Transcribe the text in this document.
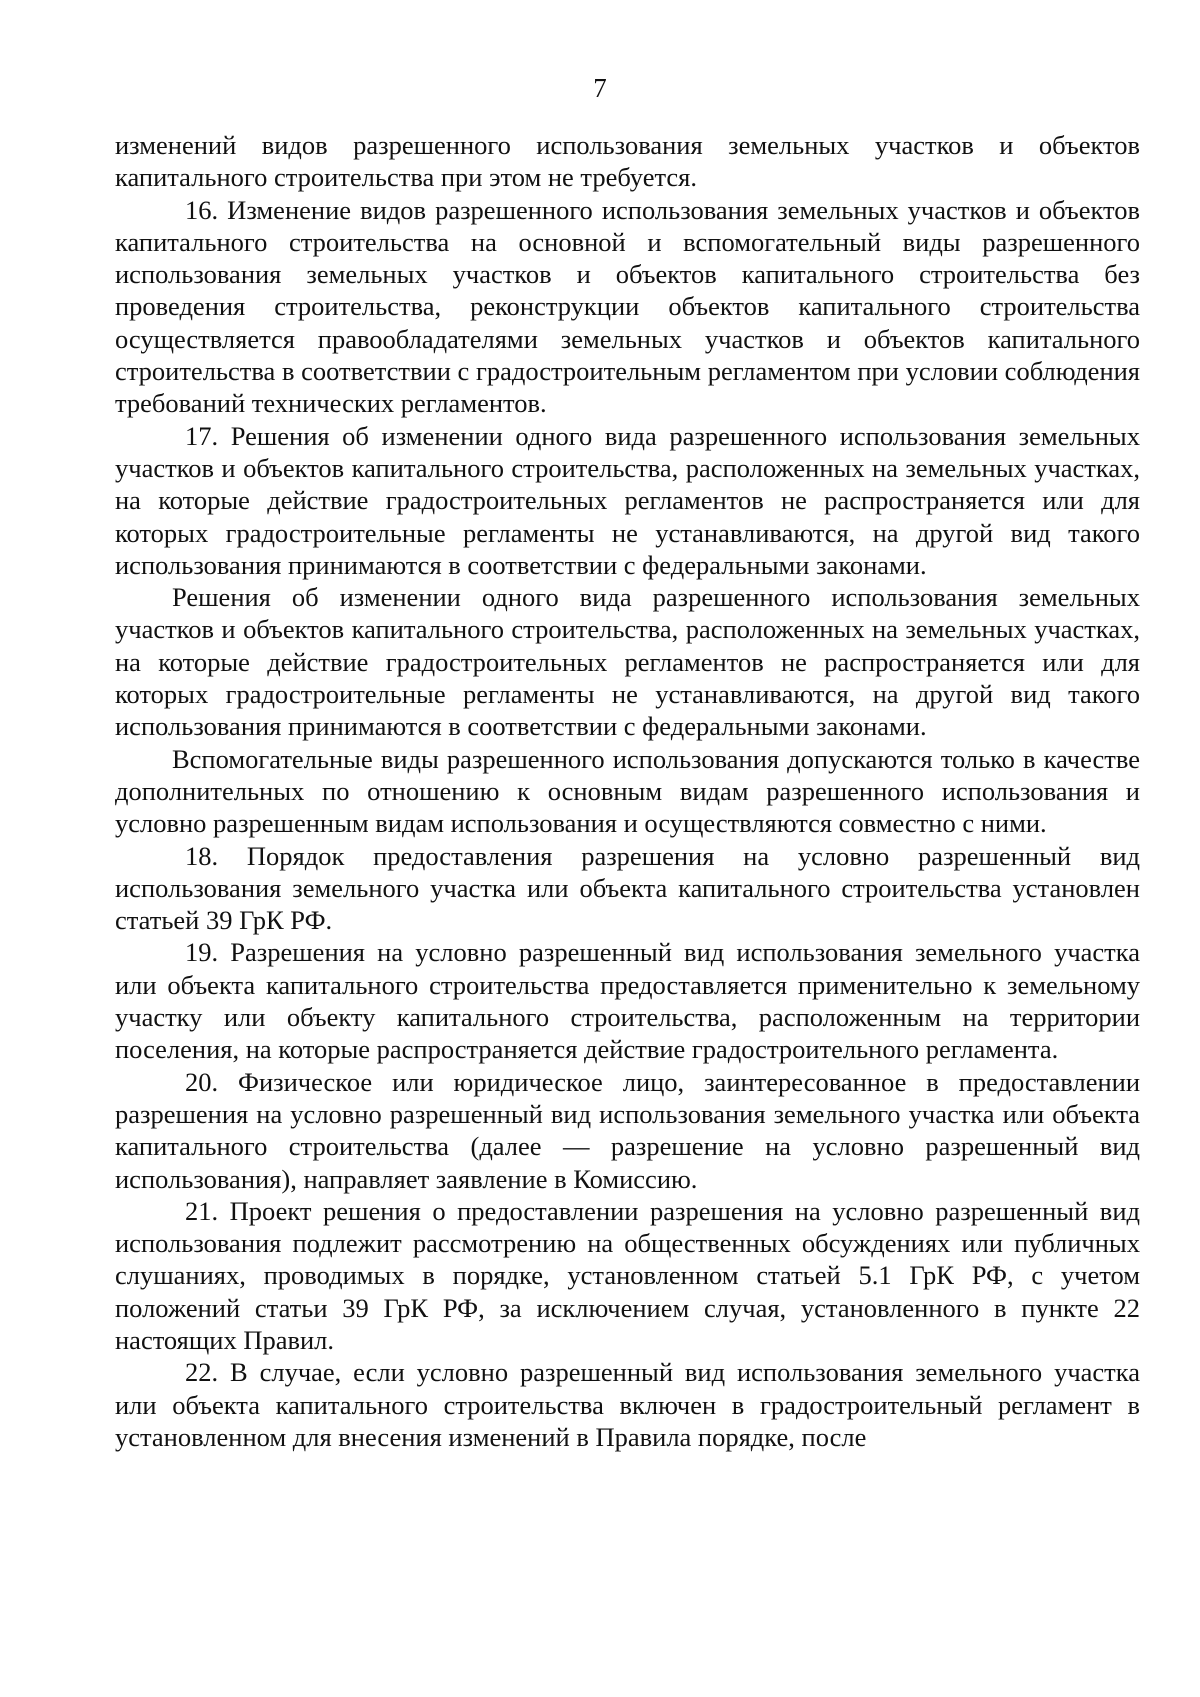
7

изменений видов разрешенного использования земельных участков и объектов капитального строительства при этом не требуется.

16. Изменение видов разрешенного использования земельных участков и объектов капитального строительства на основной и вспомогательный виды разрешенного использования земельных участков и объектов капитального строительства без проведения строительства, реконструкции объектов капитального строительства осуществляется правообладателями земельных участков и объектов капитального строительства в соответствии с градостроительным регламентом при условии соблюдения требований технических регламентов.

17. Решения об изменении одного вида разрешенного использования земельных участков и объектов капитального строительства, расположенных на земельных участках, на которые действие градостроительных регламентов не распространяется или для которых градостроительные регламенты не устанавливаются, на другой вид такого использования принимаются в соответствии с федеральными законами.

Решения об изменении одного вида разрешенного использования земельных участков и объектов капитального строительства, расположенных на земельных участках, на которые действие градостроительных регламентов не распространяется или для которых градостроительные регламенты не устанавливаются, на другой вид такого использования принимаются в соответствии с федеральными законами.

Вспомогательные виды разрешенного использования допускаются только в качестве дополнительных по отношению к основным видам разрешенного использования и условно разрешенным видам использования и осуществляются совместно с ними.

18. Порядок предоставления разрешения на условно разрешенный вид использования земельного участка или объекта капитального строительства установлен статьей 39 ГрК РФ.

19. Разрешения на условно разрешенный вид использования земельного участка или объекта капитального строительства предоставляется применительно к земельному участку или объекту капитального строительства, расположенным на территории поселения, на которые распространяется действие градостроительного регламента.

20. Физическое или юридическое лицо, заинтересованное в предоставлении разрешения на условно разрешенный вид использования земельного участка или объекта капитального строительства (далее — разрешение на условно разрешенный вид использования), направляет заявление в Комиссию.

21. Проект решения о предоставлении разрешения на условно разрешенный вид использования подлежит рассмотрению на общественных обсуждениях или публичных слушаниях, проводимых в порядке, установленном статьей 5.1 ГрК РФ, с учетом положений статьи 39 ГрК РФ, за исключением случая, установленного в пункте 22 настоящих Правил.

22. В случае, если условно разрешенный вид использования земельного участка или объекта капитального строительства включен в градостроительный регламент в установленном для внесения изменений в Правила порядке, после
